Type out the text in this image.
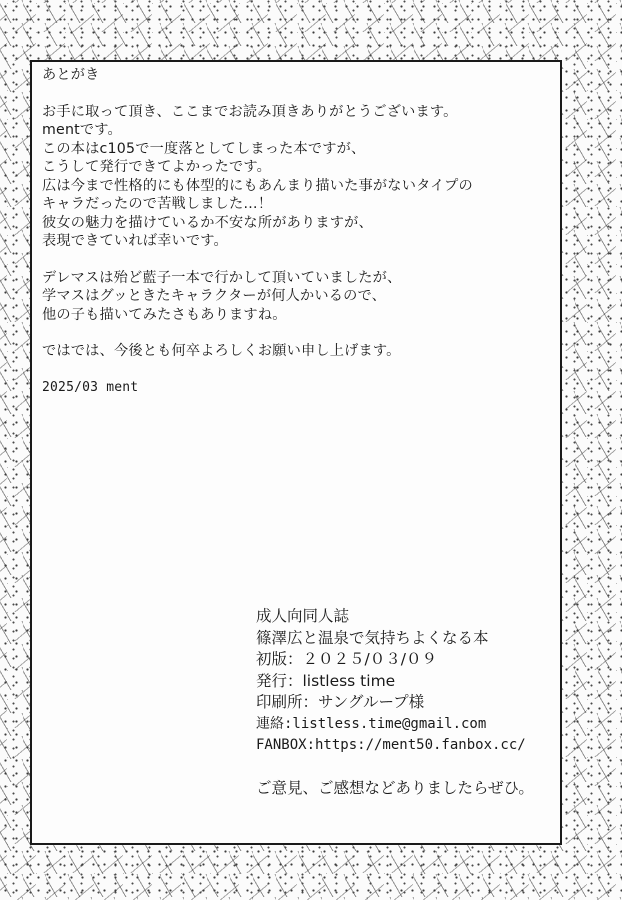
あとがき
お手に取って頂き、ここまでお読み頂きありがとうございます。
mentです。
この本はc105で一度落としてしまった本ですが、
こうして発行できてよかったです。
広は今まで性格的にも体型的にもあんまり描いた事がないタイプの
キャラだったので苦戦しました…！
彼女の魅力を描けているか不安な所がありますが、
表現できていれば幸いです。
デレマスは殆ど藍子一本で行かして頂いていましたが、
学マスはグッときたキャラクターが何人かいるので、
他の子も描いてみたさもありますね。
ではでは、今後とも何卒よろしくお願い申し上げます。
2025/03 ment
成人向同人誌
篠澤広と温泉で気持ちよくなる本
初版：２０２５/０３/０９
発行：listless time
印刷所：サングループ様
連絡:listless.time@gmail.com
FANBOX:https://ment50.fanbox.cc/
ご意見、ご感想などありましたらぜひ。
